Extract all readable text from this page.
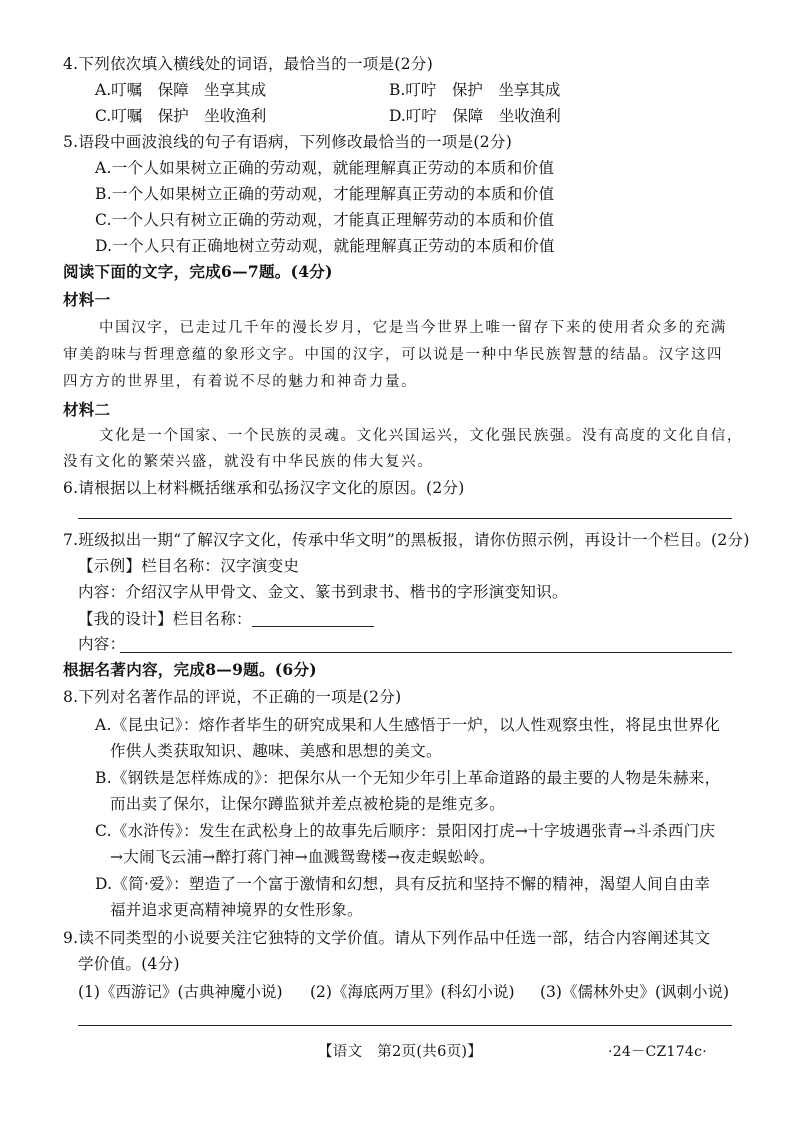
4.下列依次填入横线处的词语，最恰当的一项是(2分)
A.叮嘱　保障　坐享其成	B.叮咛　保护　坐享其成
C.叮嘱　保护　坐收渔利	D.叮咛　保障　坐收渔利
5.语段中画波浪线的句子有语病，下列修改最恰当的一项是(2分)
A.一个人如果树立正确的劳动观，就能理解真正劳动的本质和价值
B.一个人如果树立正确的劳动观，才能理解真正劳动的本质和价值
C.一个人只有树立正确的劳动观，才能真正理解劳动的本质和价值
D.一个人只有正确地树立劳动观，就能理解真正劳动的本质和价值
阅读下面的文字，完成6—7题。(4分)
材料一
中国汉字，已走过几千年的漫长岁月，它是当今世界上唯一留存下来的使用者众多的充满
审美韵味与哲理意蕴的象形文字。中国的汉字，可以说是一种中华民族智慧的结晶。汉字这四
四方方的世界里，有着说不尽的魅力和神奇力量。
材料二
文化是一个国家、一个民族的灵魂。文化兴国运兴，文化强民族强。没有高度的文化自信，
没有文化的繁荣兴盛，就没有中华民族的伟大复兴。
6.请根据以上材料概括继承和弘扬汉字文化的原因。(2分)
7.班级拟出一期“了解汉字文化，传承中华文明”的黑板报，请你仿照示例，再设计一个栏目。(2分)
【示例】栏目名称：汉字演变史
内容：介绍汉字从甲骨文、金文、篆书到隶书、楷书的字形演变知识。
【我的设计】栏目名称：
内容：
根据名著内容，完成8—9题。(6分)
8.下列对名著作品的评说，不正确的一项是(2分)
A.《昆虫记》：熔作者毕生的研究成果和人生感悟于一炉，以人性观察虫性，将昆虫世界化
作供人类获取知识、趣味、美感和思想的美文。
B.《钢铁是怎样炼成的》：把保尔从一个无知少年引上革命道路的最主要的人物是朱赫来，
而出卖了保尔，让保尔蹲监狱并差点被枪毙的是维克多。
C.《水浒传》：发生在武松身上的故事先后顺序：景阳冈打虎→十字坡遇张青→斗杀西门庆
→大闹飞云浦→醉打蒋门神→血溅鸳鸯楼→夜走蜈蚣岭。
D.《简·爱》：塑造了一个富于激情和幻想，具有反抗和坚持不懈的精神，渴望人间自由幸
福并追求更高精神境界的女性形象。
9.读不同类型的小说要关注它独特的文学价值。请从下列作品中任选一部，结合内容阐述其文
学价值。(4分)
(1)《西游记》(古典神魔小说) (2)《海底两万里》(科幻小说) (3)《儒林外史》(讽刺小说)
【语文　第2页(共6页)】	·24－CZ174c·
